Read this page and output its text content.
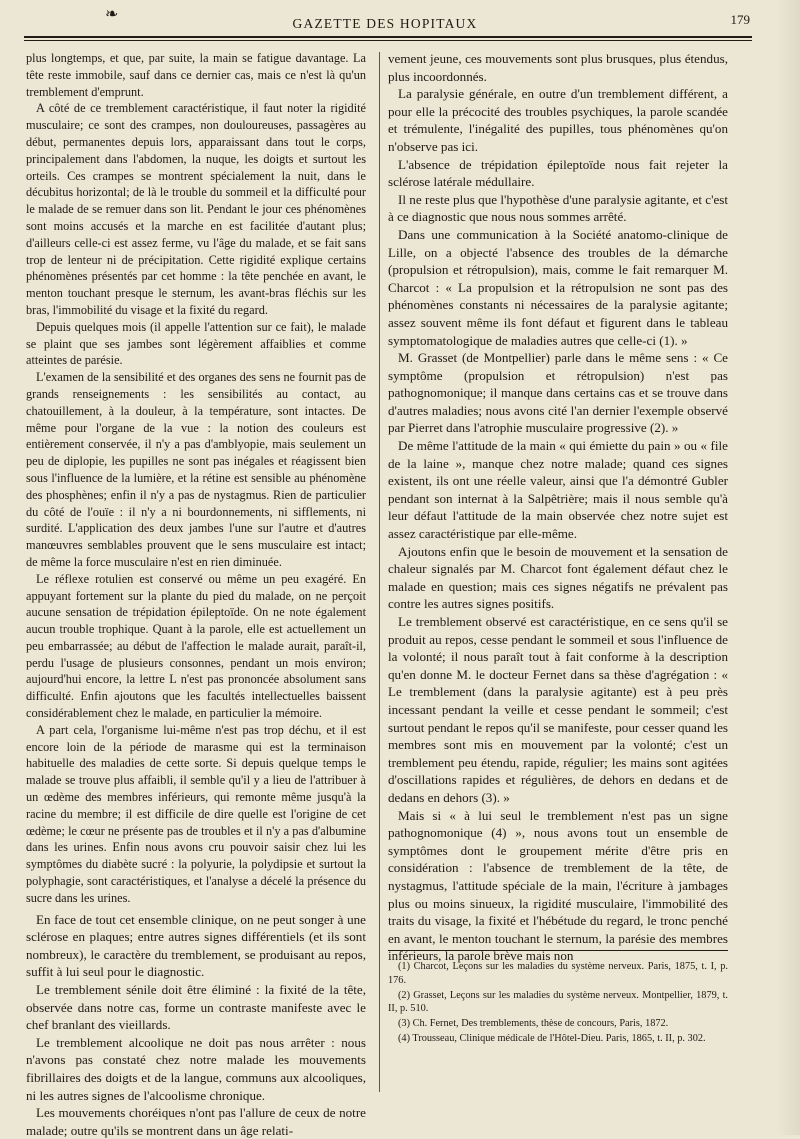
❧
GAZETTE DES HOPITAUX	179

plus longtemps, et que, par suite, la main se fatigue davantage. La tête reste immobile, sauf dans ce dernier cas, mais ce n'est là qu'un tremblement d'emprunt.

A côté de ce tremblement caractéristique, il faut noter la rigidité musculaire; ce sont des crampes, non douloureuses, passagères au début, permanentes depuis lors, apparaissant dans tout le corps, principalement dans l'abdomen, la nuque, les doigts et surtout les orteils. Ces crampes se montrent spécialement la nuit, dans le décubitus horizontal; de là le trouble du sommeil et la difficulté pour le malade de se remuer dans son lit. Pendant le jour ces phénomènes sont moins accusés et la marche en est facilitée d'autant plus; d'ailleurs celle-ci est assez ferme, vu l'âge du malade, et se fait sans trop de lenteur ni de précipitation. Cette rigidité explique certains phénomènes présentés par cet homme : la tête penchée en avant, le menton touchant presque le sternum, les avant-bras fléchis sur les bras, l'immobilité du visage et la fixité du regard.

Depuis quelques mois (il appelle l'attention sur ce fait), le malade se plaint que ses jambes sont légèrement affaiblies et comme atteintes de parésie.

L'examen de la sensibilité et des organes des sens ne fournit pas de grands renseignements : les sensibilités au contact, au chatouillement, à la douleur, à la température, sont intactes. De même pour l'organe de la vue : la notion des couleurs est entièrement conservée, il n'y a pas d'amblyopie, mais seulement un peu de diplopie, les pupilles ne sont pas inégales et réagissent bien sous l'influence de la lumière, et la rétine est sensible au phénomène des phosphènes; enfin il n'y a pas de nystagmus. Rien de particulier du côté de l'ouïe : il n'y a ni bourdonnements, ni sifflements, ni surdité. L'application des deux jambes l'une sur l'autre et d'autres manœuvres semblables prouvent que le sens musculaire est intact; de même la force musculaire n'est en rien diminuée.

Le réflexe rotulien est conservé ou même un peu exagéré. En appuyant fortement sur la plante du pied du malade, on ne perçoit aucune sensation de trépidation épileptoïde. On ne note également aucun trouble trophique. Quant à la parole, elle est actuellement un peu embarrassée; au début de l'affection le malade aurait, paraît-il, perdu l'usage de plusieurs consonnes, pendant un mois environ; aujourd'hui encore, la lettre L n'est pas prononcée absolument sans difficulté. Enfin ajoutons que les facultés intellectuelles baissent considérablement chez le malade, en particulier la mémoire.

A part cela, l'organisme lui-même n'est pas trop déchu, et il est encore loin de la période de marasme qui est la terminaison habituelle des maladies de cette sorte. Si depuis quelque temps le malade se trouve plus affaibli, il semble qu'il y a lieu de l'attribuer à un œdème des membres inférieurs, qui remonte même jusqu'à la racine du membre; il est difficile de dire quelle est l'origine de cet œdème; le cœur ne présente pas de troubles et il n'y a pas d'albumine dans les urines. Enfin nous avons cru pouvoir saisir chez lui les symptômes du diabète sucré : la polyurie, la polydipsie et surtout la polyphagie, sont caractéristiques, et l'analyse a décelé la présence du sucre dans les urines.

En face de tout cet ensemble clinique, on ne peut songer à une sclérose en plaques; entre autres signes différentiels (et ils sont nombreux), le caractère du tremblement, se produisant au repos, suffit à lui seul pour le diagnostic.

Le tremblement sénile doit être éliminé : la fixité de la tête, observée dans notre cas, forme un contraste manifeste avec le chef branlant des vieillards.

Le tremblement alcoolique ne doit pas nous arrêter : nous n'avons pas constaté chez notre malade les mouvements fibrillaires des doigts et de la langue, communs aux alcooliques, ni les autres signes de l'alcoolisme chronique.

Les mouvements choréiques n'ont pas l'allure de ceux de notre malade; outre qu'ils se montrent dans un âge relati-

vement jeune, ces mouvements sont plus brusques, plus étendus, plus incoordonnés.

La paralysie générale, en outre d'un tremblement différent, a pour elle la précocité des troubles psychiques, la parole scandée et trémulente, l'inégalité des pupilles, tous phénomènes qu'on n'observe pas ici.

L'absence de trépidation épileptoïde nous fait rejeter la sclérose latérale médullaire.

Il ne reste plus que l'hypothèse d'une paralysie agitante, et c'est à ce diagnostic que nous nous sommes arrêté.

Dans une communication à la Société anatomo-clinique de Lille, on a objecté l'absence des troubles de la démarche (propulsion et rétropulsion), mais, comme le fait remarquer M. Charcot : « La propulsion et la rétropulsion ne sont pas des phénomènes constants ni nécessaires de la paralysie agitante; assez souvent même ils font défaut et figurent dans le tableau symptomatologique de maladies autres que celle-ci (1). »

M. Grasset (de Montpellier) parle dans le même sens : « Ce symptôme (propulsion et rétropulsion) n'est pas pathognomonique; il manque dans certains cas et se trouve dans d'autres maladies; nous avons cité l'an dernier l'exemple observé par Pierret dans l'atrophie musculaire progressive (2). »

De même l'attitude de la main « qui émiette du pain » ou « file de la laine », manque chez notre malade; quand ces signes existent, ils ont une réelle valeur, ainsi que l'a démontré Gubler pendant son internat à la Salpêtrière; mais il nous semble qu'à leur défaut l'attitude de la main observée chez notre sujet est assez caractéristique par elle-même.

Ajoutons enfin que le besoin de mouvement et la sensation de chaleur signalés par M. Charcot font également défaut chez le malade en question; mais ces signes négatifs ne prévalent pas contre les autres signes positifs.

Le tremblement observé est caractéristique, en ce sens qu'il se produit au repos, cesse pendant le sommeil et sous l'influence de la volonté; il nous paraît tout à fait conforme à la description qu'en donne M. le docteur Fernet dans sa thèse d'agrégation : « Le tremblement (dans la paralysie agitante) est à peu près incessant pendant la veille et cesse pendant le sommeil; c'est surtout pendant le repos qu'il se manifeste, pour cesser quand les membres sont mis en mouvement par la volonté; c'est un tremblement peu étendu, rapide, régulier; les mains sont agitées d'oscillations rapides et régulières, de dehors en dedans et de dedans en dehors (3). »

Mais si « à lui seul le tremblement n'est pas un signe pathognomonique (4) », nous avons tout un ensemble de symptômes dont le groupement mérite d'être pris en considération : l'absence de tremblement de la tête, de nystagmus, l'attitude spéciale de la main, l'écriture à jambages plus ou moins sinueux, la rigidité musculaire, l'immobilité des traits du visage, la fixité et l'hébétude du regard, le tronc penché en avant, le menton touchant le sternum, la parésie des membres inférieurs, la parole brève mais non

(1) Charcot, Leçons sur les maladies du système nerveux. Paris, 1875, t. I, p. 176.

(2) Grasset, Leçons sur les maladies du système nerveux. Montpellier, 1879, t. II, p. 510.

(3) Ch. Fernet, Des tremblements, thèse de concours, Paris, 1872.

(4) Trousseau, Clinique médicale de l'Hôtel-Dieu. Paris, 1865, t. II, p. 302.
